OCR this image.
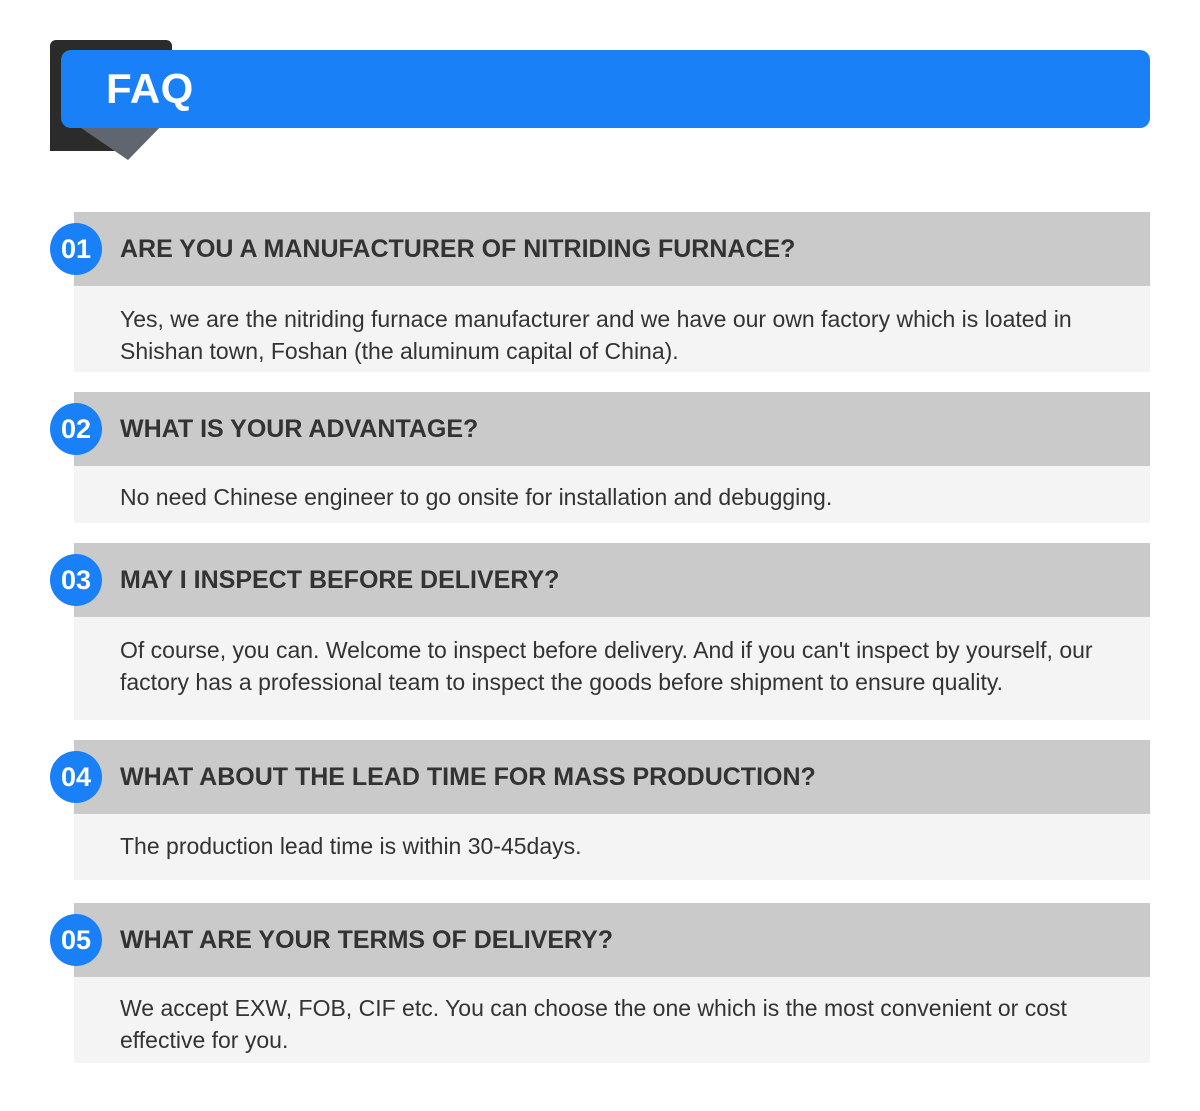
FAQ
ARE YOU A MANUFACTURER OF NITRIDING FURNACE?
01
Yes, we are the nitriding furnace manufacturer and we have our own factory which is loated in Shishan town, Foshan (the aluminum capital of China).
WHAT IS YOUR ADVANTAGE?
02
No need Chinese engineer to go onsite for installation and debugging.
MAY I INSPECT BEFORE DELIVERY?
03
Of course, you can. Welcome to inspect before delivery. And if you can't inspect by yourself, our factory has a professional team to inspect the goods before shipment to ensure quality.
WHAT ABOUT THE LEAD TIME FOR MASS PRODUCTION?
04
The production lead time is within 30-45days.
WHAT ARE YOUR TERMS OF DELIVERY?
05
We accept EXW, FOB, CIF etc. You can choose the one which is the most convenient or cost effective for you.
